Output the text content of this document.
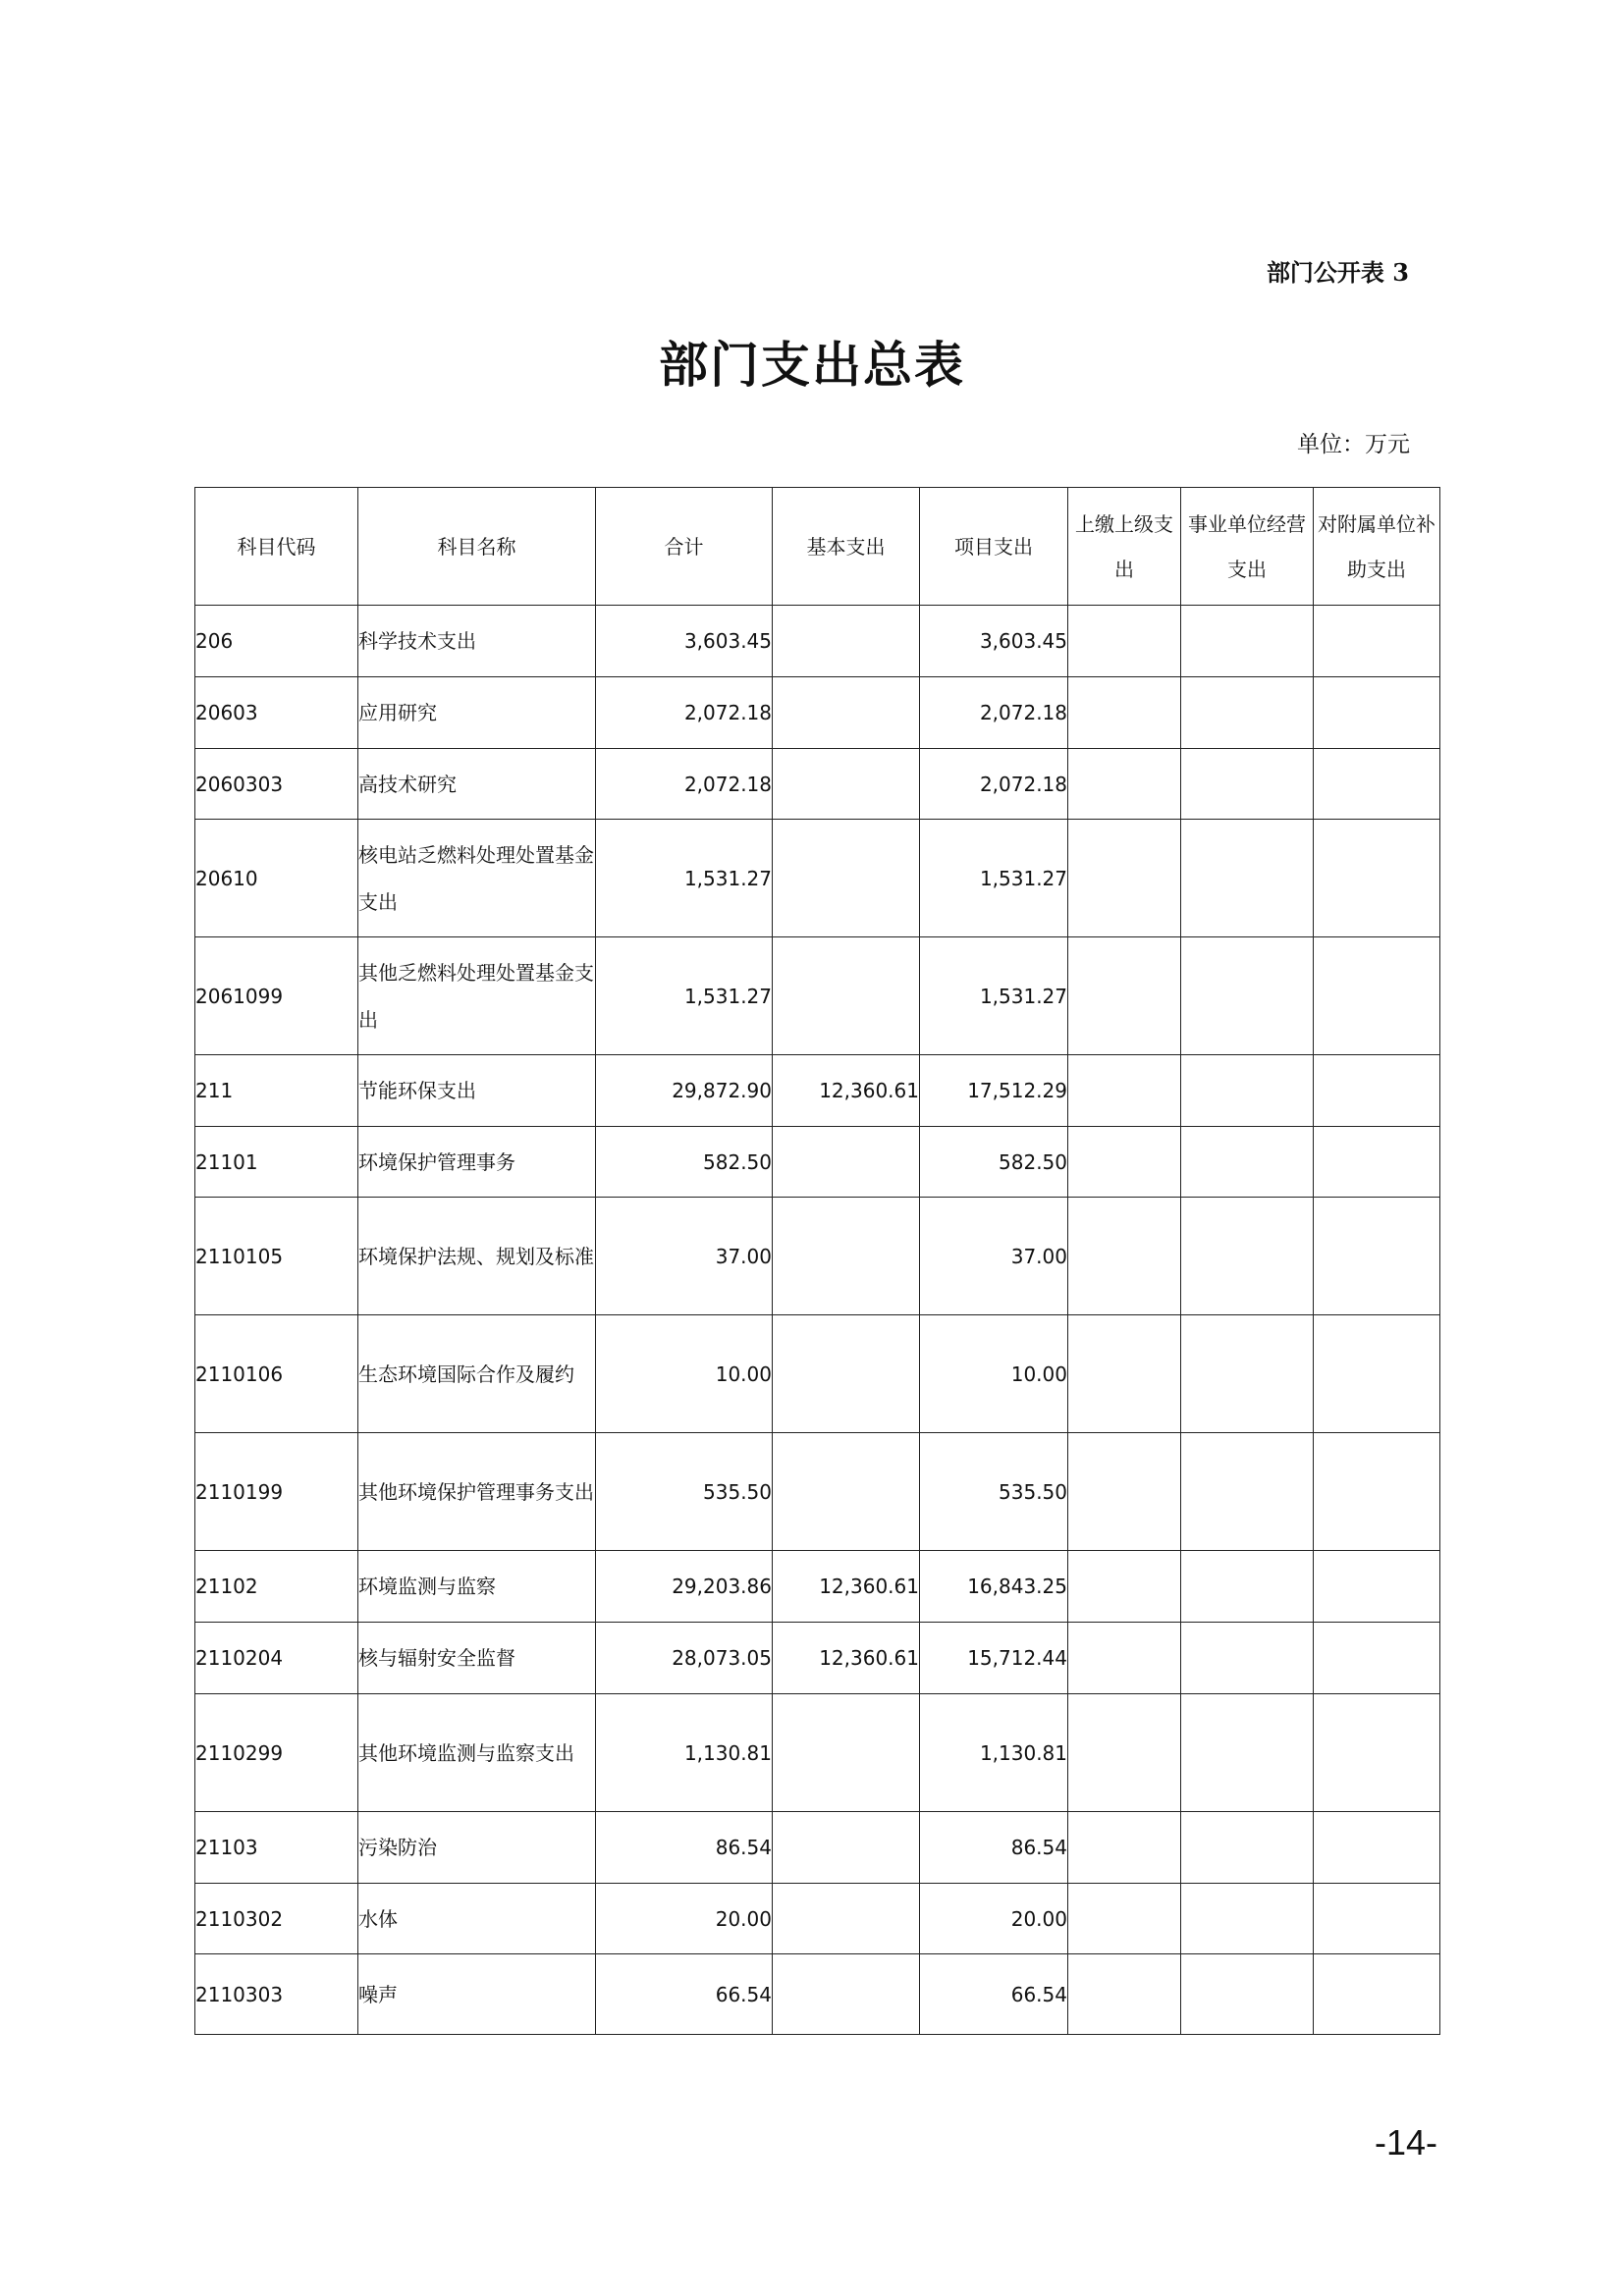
部门公开表 3
部门支出总表
单位：万元
科目代码	科目名称	合计	基本支出	项目支出	上缴上级支出	事业单位经营支出	对附属单位补助支出
206	科学技术支出	3,603.45		3,603.45			
20603	应用研究	2,072.18		2,072.18			
2060303	高技术研究	2,072.18		2,072.18			
20610	核电站乏燃料处理处置基金支出	1,531.27		1,531.27			
2061099	其他乏燃料处理处置基金支出	1,531.27		1,531.27			
211	节能环保支出	29,872.90	12,360.61	17,512.29			
21101	环境保护管理事务	582.50		582.50			
2110105	环境保护法规、规划及标准	37.00		37.00			
2110106	生态环境国际合作及履约	10.00		10.00			
2110199	其他环境保护管理事务支出	535.50		535.50			
21102	环境监测与监察	29,203.86	12,360.61	16,843.25			
2110204	核与辐射安全监督	28,073.05	12,360.61	15,712.44			
2110299	其他环境监测与监察支出	1,130.81		1,130.81			
21103	污染防治	86.54		86.54			
2110302	水体	20.00		20.00			
2110303	噪声	66.54		66.54			
-14-
